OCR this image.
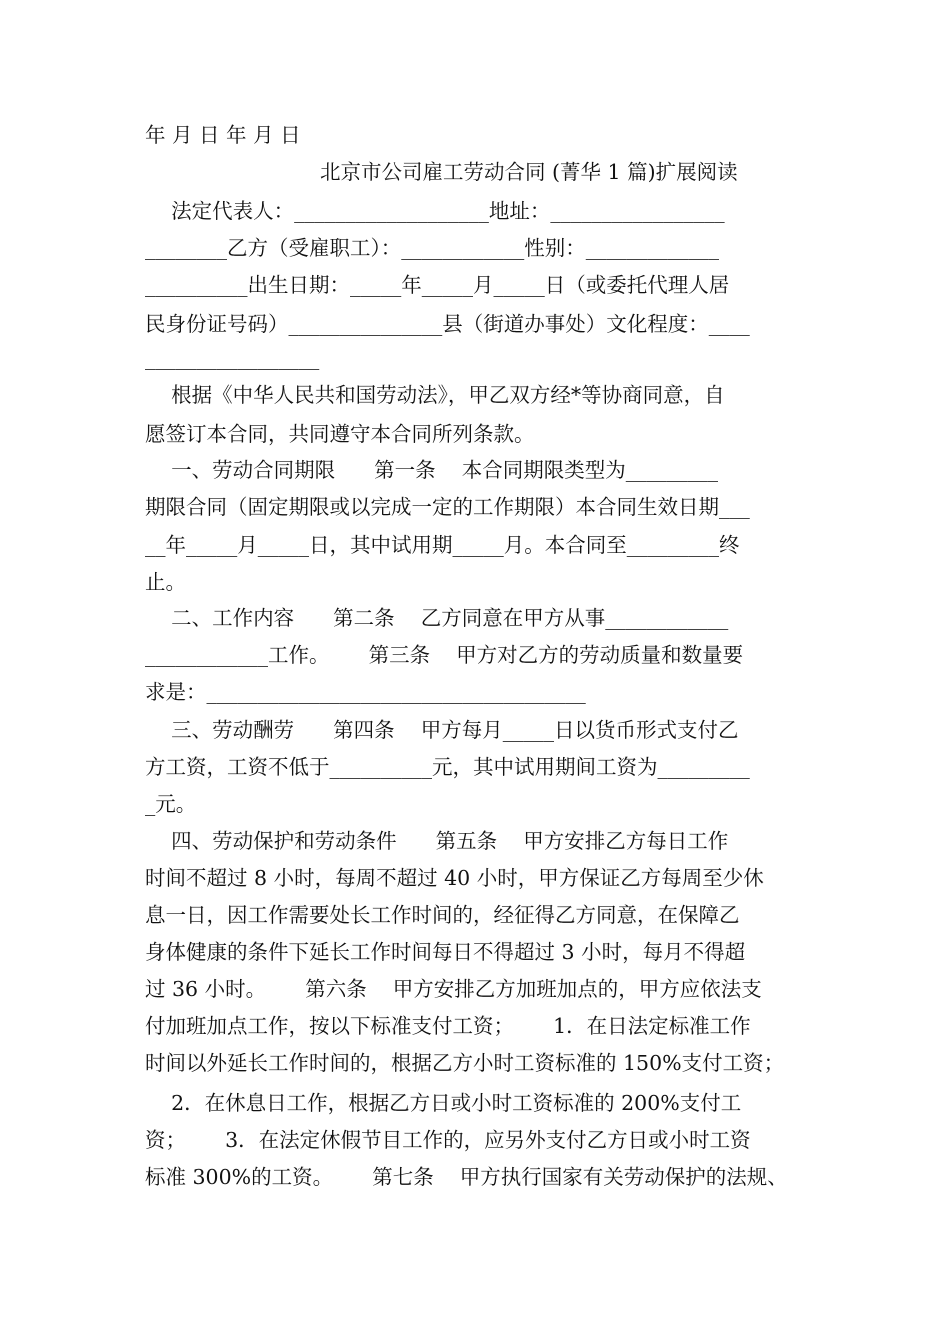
年 月 日 年 月 日
北京市公司雇工劳动合同 (菁华 1 篇)扩展阅读
法定代表人：___________________地址：_________________
________乙方（受雇职工）：____________性别：_____________
__________出生日期：_____年_____月_____日（或委托代理人居
民身份证号码）_______________县（街道办事处）文化程度：____
_________________
根据《中华人民共和国劳动法》，甲乙双方经*等协商同意，自
愿签订本合同，共同遵守本合同所列条款。
一、劳动合同期限      第一条    本合同期限类型为_________
期限合同（固定期限或以完成一定的工作期限）本合同生效日期___
__年_____月_____日，其中试用期_____月。本合同至_________终
止。
二、工作内容      第二条    乙方同意在甲方从事____________
____________工作。      第三条    甲方对乙方的劳动质量和数量要
求是：_____________________________________
三、劳动酬劳      第四条    甲方每月_____日以货币形式支付乙
方工资，工资不低于__________元，其中试用期间工资为_________
_元。
四、劳动保护和劳动条件      第五条    甲方安排乙方每日工作
时间不超过 8 小时，每周不超过 40 小时，甲方保证乙方每周至少休
息一日，因工作需要处长工作时间的，经征得乙方同意，在保障乙
身体健康的条件下延长工作时间每日不得超过 3 小时，每月不得超
过 36 小时。      第六条    甲方安排乙方加班加点的，甲方应依法支
付加班加点工作，按以下标准支付工资；      1．在日法定标准工作
时间以外延长工作时间的，根据乙方小时工资标准的 150%支付工资；
2．在休息日工作，根据乙方日或小时工资标准的 200%支付工
资；      3．在法定休假节目工作的，应另外支付乙方日或小时工资
标准 300%的工资。      第七条    甲方执行国家有关劳动保护的法规、
